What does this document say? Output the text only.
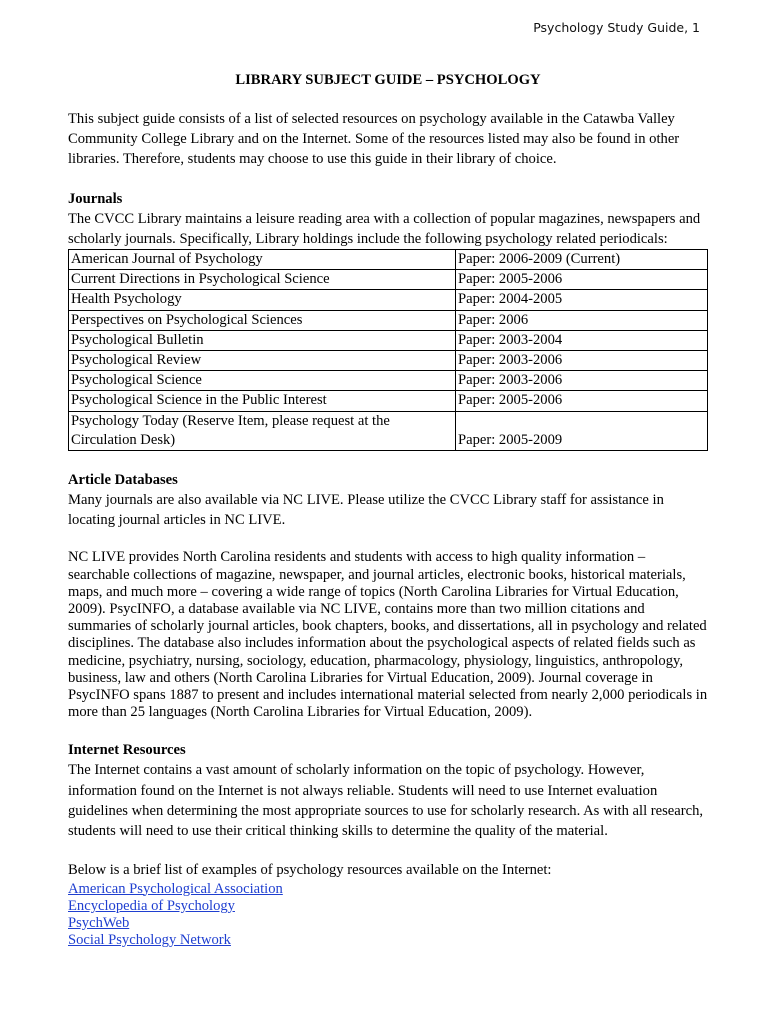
Psychology Study Guide, 1

LIBRARY SUBJECT GUIDE – PSYCHOLOGY

This subject guide consists of a list of selected resources on psychology available in the Catawba Valley Community College Library and on the Internet. Some of the resources listed may also be found in other libraries. Therefore, students may choose to use this guide in their library of choice.

Journals

The CVCC Library maintains a leisure reading area with a collection of popular magazines, newspapers and scholarly journals. Specifically, Library holdings include the following psychology related periodicals:

American Journal of Psychology	Paper: 2006-2009 (Current)
Current Directions in Psychological Science	Paper: 2005-2006
Health Psychology	Paper: 2004-2005
Perspectives on Psychological Sciences	Paper: 2006
Psychological Bulletin	Paper: 2003-2004
Psychological Review	Paper: 2003-2006
Psychological Science	Paper: 2003-2006
Psychological Science in the Public Interest	Paper: 2005-2006
Psychology Today (Reserve Item, please request at the Circulation Desk)	Paper: 2005-2009

Article Databases

Many journals are also available via NC LIVE. Please utilize the CVCC Library staff for assistance in locating journal articles in NC LIVE.

NC LIVE provides North Carolina residents and students with access to high quality information – searchable collections of magazine, newspaper, and journal articles, electronic books, historical materials, maps, and much more – covering a wide range of topics (North Carolina Libraries for Virtual Education, 2009). PsycINFO, a database available via NC LIVE, contains more than two million citations and summaries of scholarly journal articles, book chapters, books, and dissertations, all in psychology and related disciplines. The database also includes information about the psychological aspects of related fields such as medicine, psychiatry, nursing, sociology, education, pharmacology, physiology, linguistics, anthropology, business, law and others (North Carolina Libraries for Virtual Education, 2009). Journal coverage in PsycINFO spans 1887 to present and includes international material selected from nearly 2,000 periodicals in more than 25 languages (North Carolina Libraries for Virtual Education, 2009).

Internet Resources

The Internet contains a vast amount of scholarly information on the topic of psychology. However, information found on the Internet is not always reliable. Students will need to use Internet evaluation guidelines when determining the most appropriate sources to use for scholarly research. As with all research, students will need to use their critical thinking skills to determine the quality of the material.

Below is a brief list of examples of psychology resources available on the Internet:

American Psychological Association
Encyclopedia of Psychology
PsychWeb
Social Psychology Network
